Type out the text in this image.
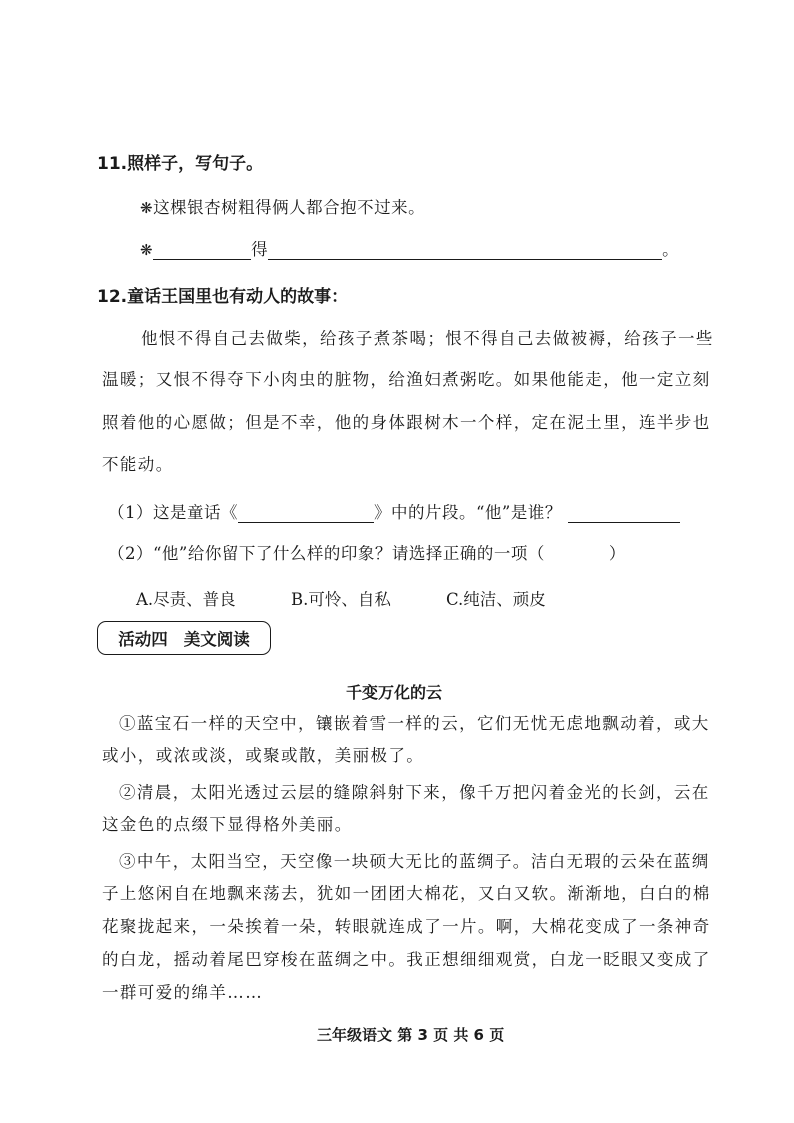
11.照样子，写句子。
❋这棵银杏树粗得俩人都合抱不过来。
❋	得	。
12.童话王国里也有动人的故事：
他恨不得自己去做柴，给孩子煮茶喝；恨不得自己去做被褥，给孩子一些
温暖；又恨不得夺下小肉虫的脏物，给渔妇煮粥吃。如果他能走，他一定立刻
照着他的心愿做；但是不幸，他的身体跟树木一个样，定在泥土里，连半步也
不能动。
（1）这是童话《	》中的片段。“他”是谁？
（2）“他”给你留下了什么样的印象？请选择正确的一项（	）
A.尽责、普良	B.可怜、自私	C.纯洁、顽皮
活动四 美文阅读
千变万化的云
①蓝宝石一样的天空中，镶嵌着雪一样的云，它们无忧无虑地飘动着，或大
或小，或浓或淡，或聚或散，美丽极了。
②清晨，太阳光透过云层的缝隙斜射下来，像千万把闪着金光的长剑，云在
这金色的点缀下显得格外美丽。
③中午，太阳当空，天空像一块硕大无比的蓝绸子。洁白无瑕的云朵在蓝绸
子上悠闲自在地飘来荡去，犹如一团团大棉花，又白又软。渐渐地，白白的棉
花聚拢起来，一朵挨着一朵，转眼就连成了一片。啊，大棉花变成了一条神奇
的白龙，摇动着尾巴穿梭在蓝绸之中。我正想细细观赏，白龙一眨眼又变成了
一群可爱的绵羊……
三年级语文 第 3 页 共 6 页
